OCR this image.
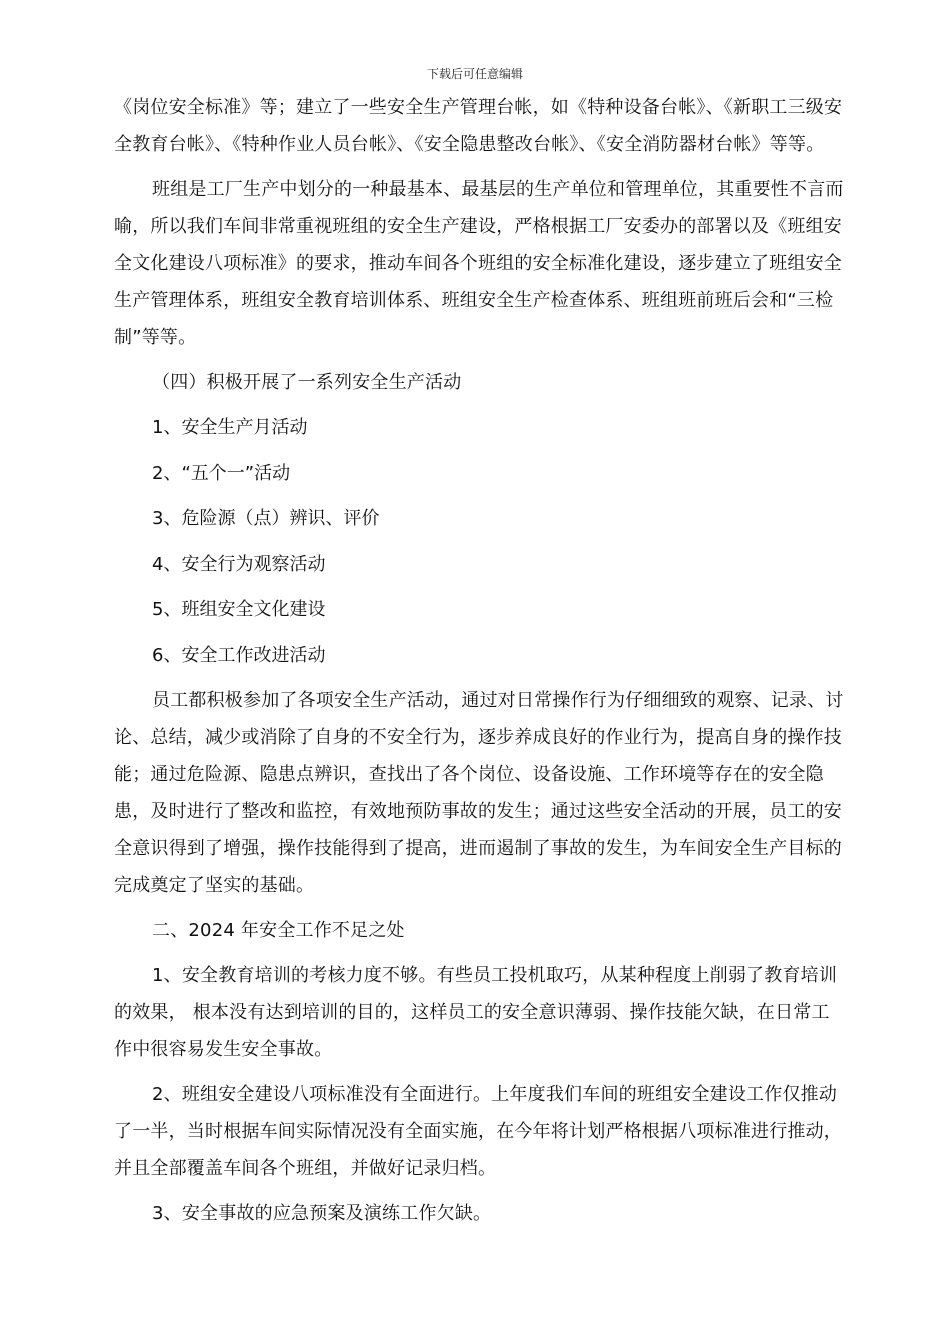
下载后可任意编辑

《岗位安全标准》等；建立了一些安全生产管理台帐，如《特种设备台帐》、《新职工三级安全教育台帐》、《特种作业人员台帐》、《安全隐患整改台帐》、《安全消防器材台帐》等等。

班组是工厂生产中划分的一种最基本、最基层的生产单位和管理单位，其重要性不言而喻，所以我们车间非常重视班组的安全生产建设，严格根据工厂安委办的部署以及《班组安全文化建设八项标准》的要求，推动车间各个班组的安全标准化建设，逐步建立了班组安全生产管理体系，班组安全教育培训体系、班组安全生产检查体系、班组班前班后会和“三检制”等等。

（四）积极开展了一系列安全生产活动

1、安全生产月活动

2、“五个一”活动

3、危险源（点）辨识、评价

4、安全行为观察活动

5、班组安全文化建设

6、安全工作改进活动

员工都积极参加了各项安全生产活动，通过对日常操作行为仔细细致的观察、记录、讨论、总结，减少或消除了自身的不安全行为，逐步养成良好的作业行为，提高自身的操作技能；通过危险源、隐患点辨识，查找出了各个岗位、设备设施、工作环境等存在的安全隐患，及时进行了整改和监控，有效地预防事故的发生；通过这些安全活动的开展，员工的安全意识得到了增强，操作技能得到了提高，进而遏制了事故的发生，为车间安全生产目标的完成奠定了坚实的基础。

二、2024 年安全工作不足之处

1、安全教育培训的考核力度不够。有些员工投机取巧，从某种程度上削弱了教育培训的效果， 根本没有达到培训的目的，这样员工的安全意识薄弱、操作技能欠缺，在日常工作中很容易发生安全事故。

2、班组安全建设八项标准没有全面进行。上年度我们车间的班组安全建设工作仅推动了一半，当时根据车间实际情况没有全面实施，在今年将计划严格根据八项标准进行推动，并且全部覆盖车间各个班组，并做好记录归档。

3、安全事故的应急预案及演练工作欠缺。
